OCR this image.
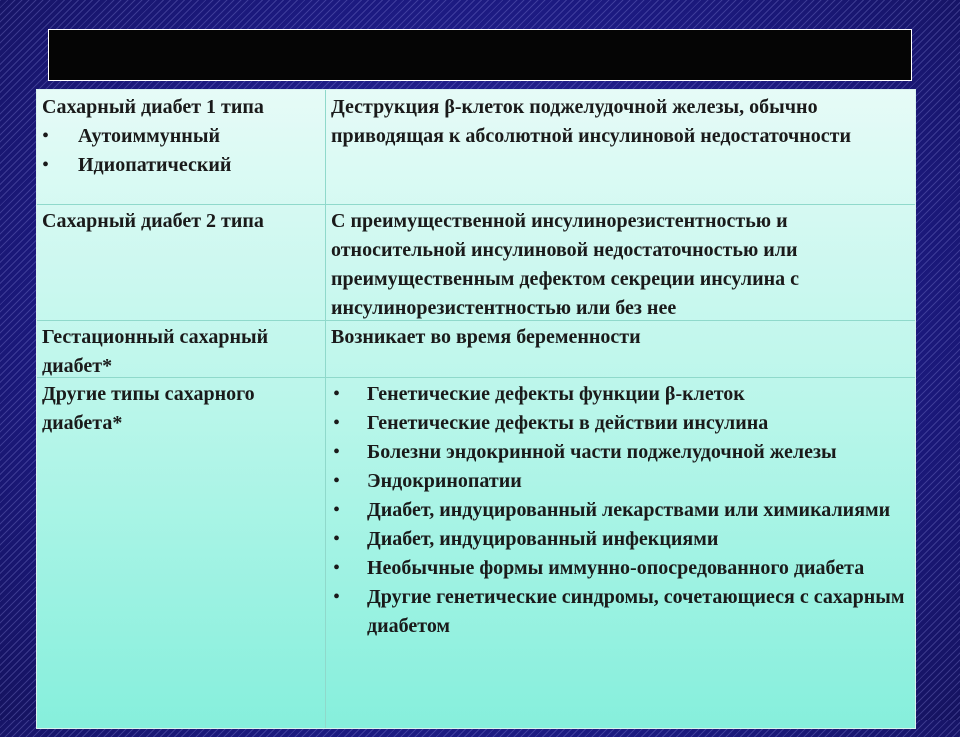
Сахарный диабет 1 типа

• Аутоиммунный
• Идиопатический

Деструкция β-клеток поджелудочной железы, обычно приводящая к абсолютной инсулиновой недостаточности

Сахарный диабет 2 типа	С преимущественной инсулинорезистентностью и относительной инсулиновой недостаточностью или преимущественным дефектом секреции инсулина с инсулинорезистентностью или без нее

Гестационный сахарный диабет*

Возникает во время беременности

Другие типы сахарного диабета*

• Генетические дефекты функции β-клеток
• Генетические дефекты в действии инсулина
• Болезни эндокринной части поджелудочной железы
• Эндокринопатии
• Диабет, индуцированный лекарствами или химикалиями
• Диабет, индуцированный инфекциями
• Необычные формы иммунно-опосредованного диабета
• Другие генетические синдромы, сочетающиеся с сахарным диабетом
